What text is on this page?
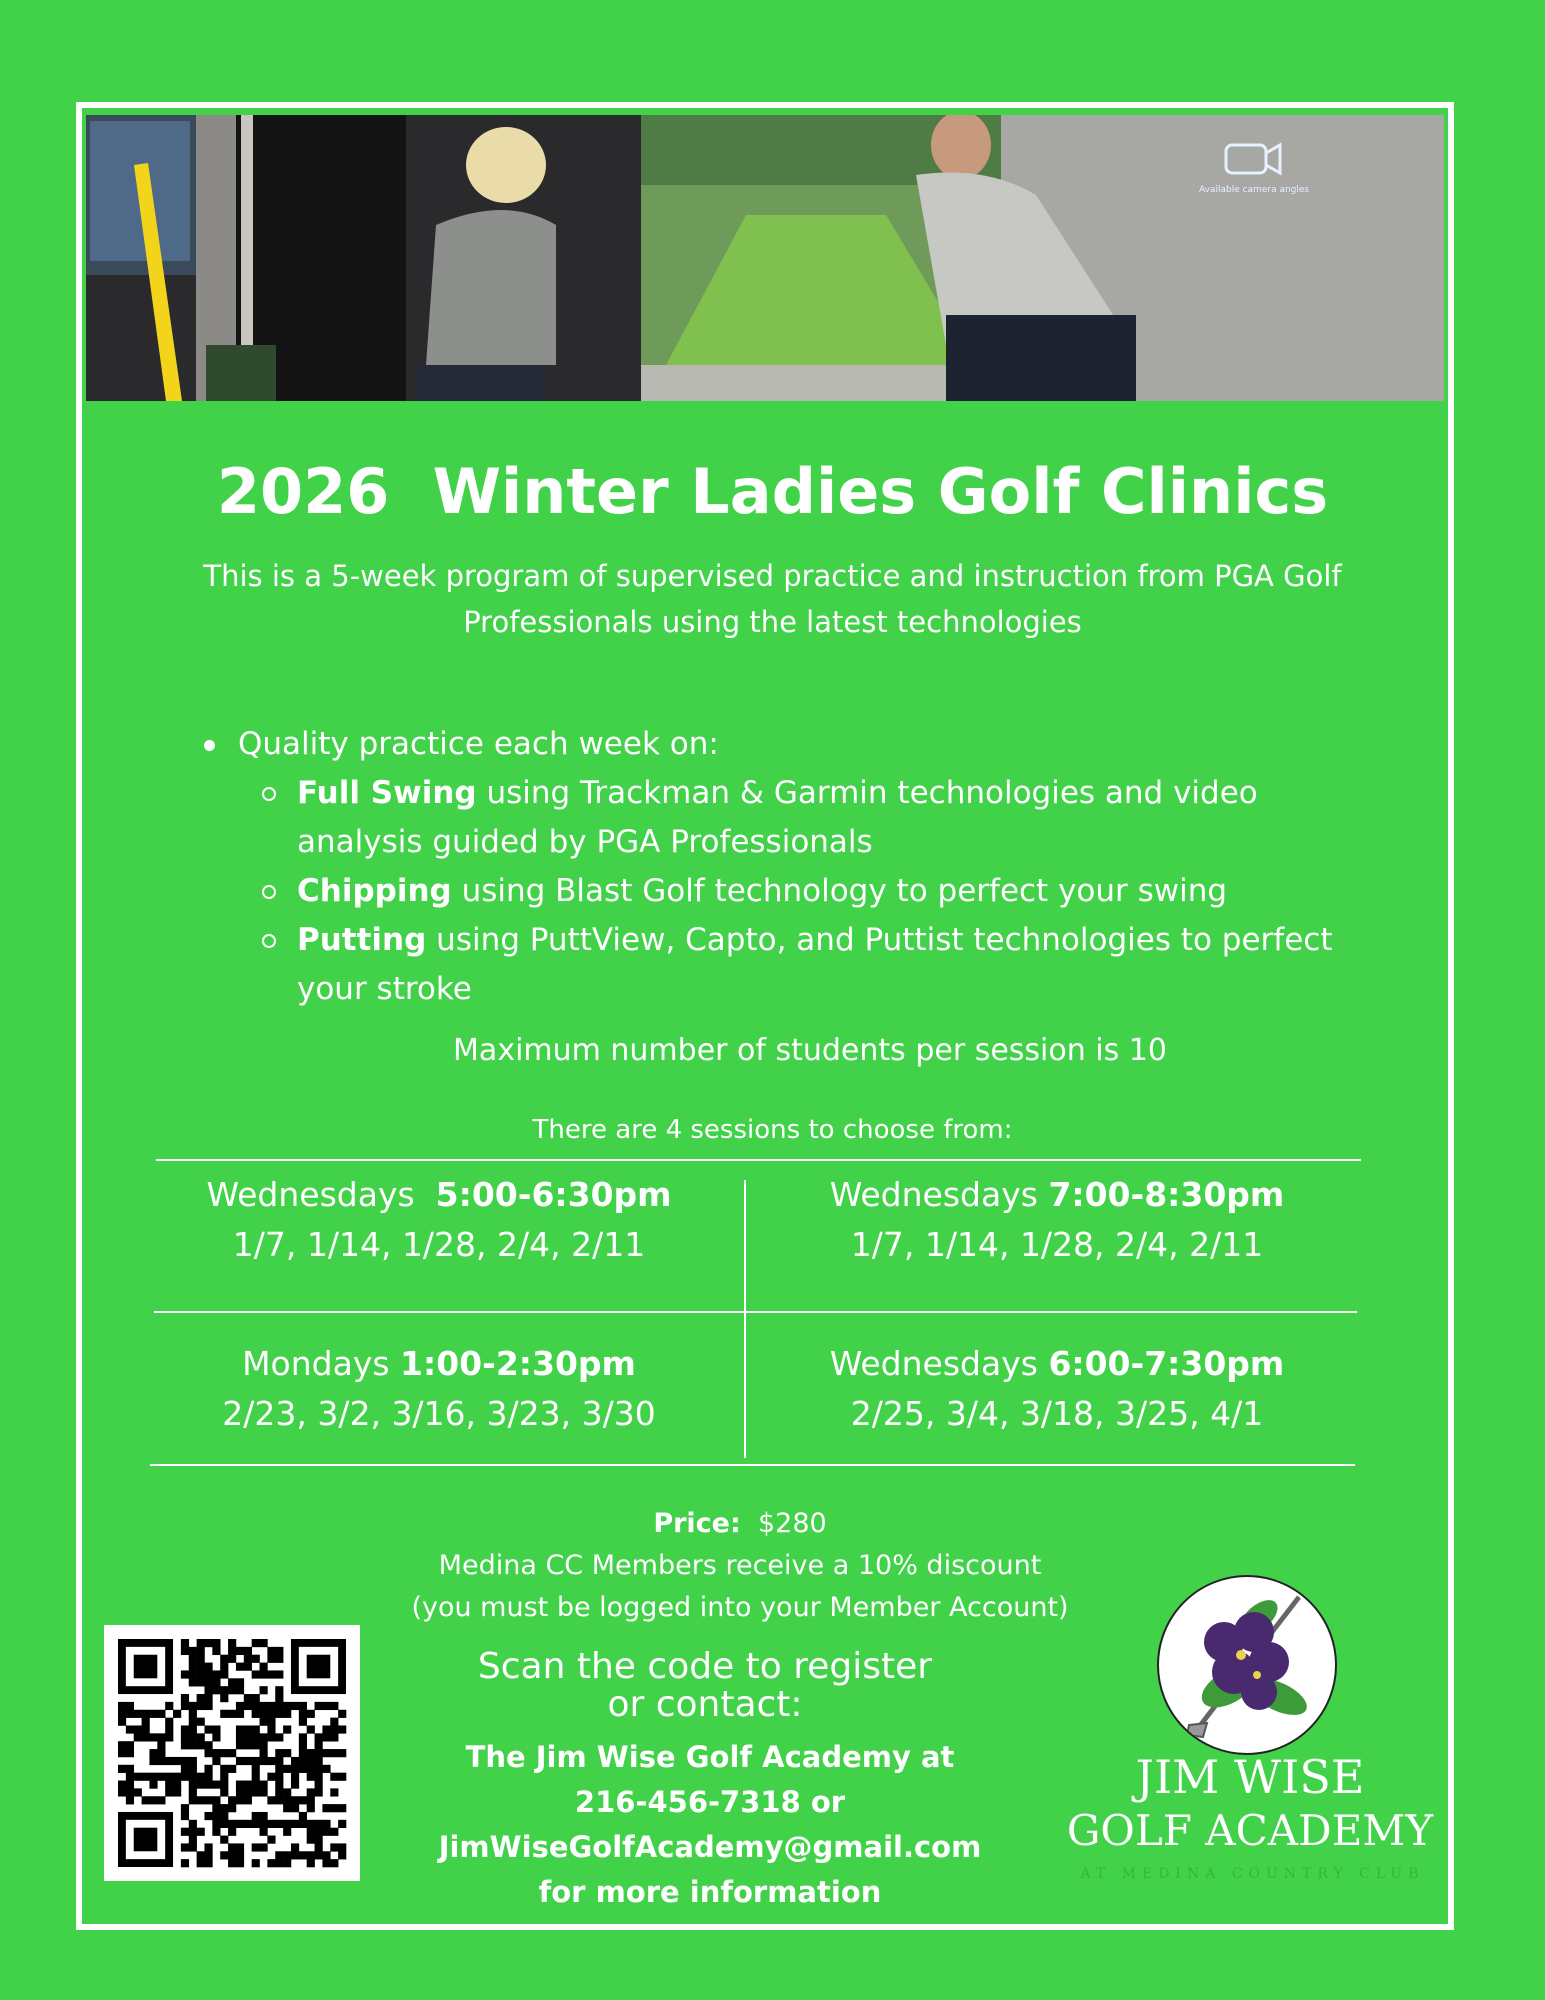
Available camera angles
2026  Winter Ladies Golf Clinics
This is a 5-week program of supervised practice and instruction from PGA Golf Professionals using the latest technologies
Quality practice each week on:
Full Swing using Trackman & Garmin technologies and video analysis guided by PGA Professionals
Chipping using Blast Golf technology to perfect your swing
Putting using PuttView, Capto, and Puttist technologies to perfect your stroke
Maximum number of students per session is 10
There are 4 sessions to choose from:
Wednesdays  5:00-6:30pm
1/7, 1/14, 1/28, 2/4, 2/11
Wednesdays 7:00-8:30pm
1/7, 1/14, 1/28, 2/4, 2/11
Mondays 1:00-2:30pm
2/23, 3/2, 3/16, 3/23, 3/30
Wednesdays 6:00-7:30pm
2/25, 3/4, 3/18, 3/25, 4/1
Price:  $280
Medina CC Members receive a 10% discount
(you must be logged into your Member Account)
Scan the code to register
or contact:
The Jim Wise Golf Academy at
216-456-7318 or
JimWiseGolfAcademy@gmail.com
for more information
JIM WISE
GOLF ACADEMY
AT MEDINA COUNTRY CLUB
